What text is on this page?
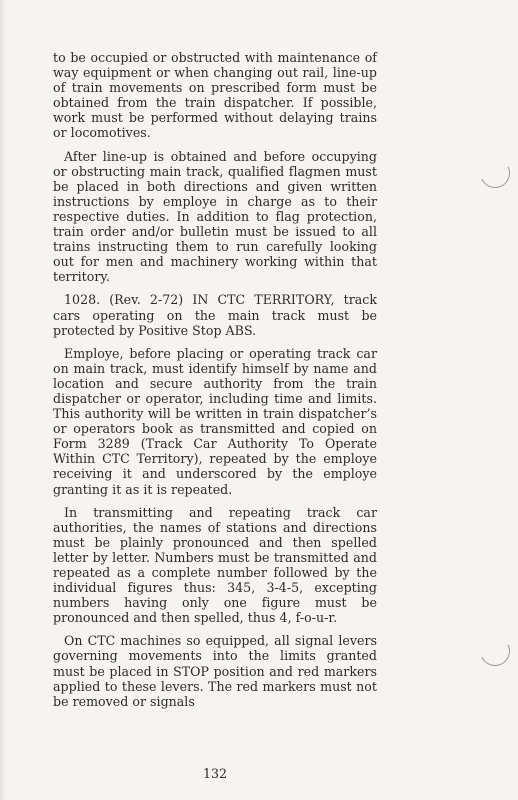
to be occupied or obstructed with maintenance of way equipment or when changing out rail, line-up of train movements on prescribed form must be obtained from the train dispatcher. If possible, work must be performed without delaying trains or locomotives.

After line-up is obtained and before occupying or obstructing main track, qualified flagmen must be placed in both directions and given written instructions by employe in charge as to their respective duties. In addition to flag protection, train order and/or bulletin must be issued to all trains instructing them to run carefully looking out for men and machinery working within that territory.

1028. (Rev. 2-72) IN CTC TERRITORY, track cars operating on the main track must be protected by Positive Stop ABS.

Employe, before placing or operating track car on main track, must identify himself by name and location and secure authority from the train dispatcher or operator, including time and limits. This authority will be written in train dispatcher’s or operators book as transmitted and copied on Form 3289 (Track Car Authority To Operate Within CTC Territory), repeated by the employe receiving it and underscored by the employe granting it as it is repeated.

In transmitting and repeating track car authorities, the names of stations and directions must be plainly pronounced and then spelled letter by letter. Numbers must be transmitted and repeated as a complete number followed by the individual figures thus: 345, 3-4-5, excepting numbers having only one figure must be pronounced and then spelled, thus 4, f-o-u-r.

On CTC machines so equipped, all signal levers governing movements into the limits granted must be placed in STOP position and red markers applied to these levers. The red markers must not be removed or signals

132
